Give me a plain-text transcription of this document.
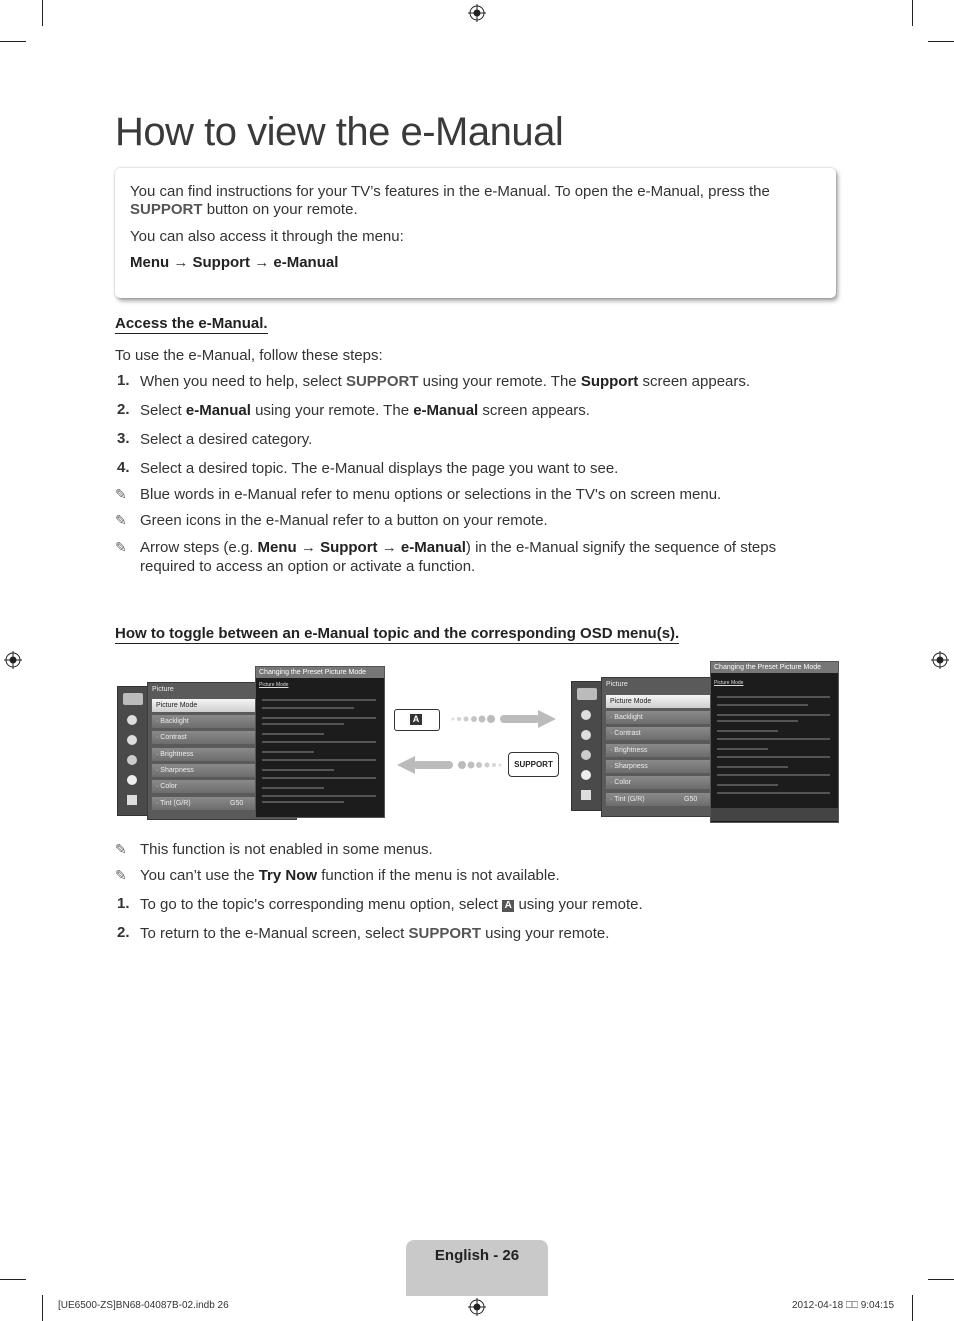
How to view the e-Manual

You can find instructions for your TV’s features in the e-Manual. To open the e-Manual, press the
SUPPORT button on your remote.

You can also access it through the menu:

Menu → Support → e-Manual

Access the e-Manual.
To use the e-Manual, follow these steps:
1. When you need to help, select SUPPORT using your remote. The Support screen appears.
2. Select e-Manual using your remote. The e-Manual screen appears.
3. Select a desired category.
4. Select a desired topic. The e-Manual displays the page you want to see.
✎ Blue words in e-Manual refer to menu options or selections in the TV's on screen menu.
✎ Green icons in the e-Manual refer to a button on your remote.
✎ Arrow steps (e.g. Menu → Support → e-Manual) in the e-Manual signify the sequence of steps
required to access an option or activate a function.
How to toggle between an e-Manual topic and the corresponding OSD menu(s).
Picture
Picture Mode
· Backlight
· Contrast
· Brightness
· Sharpness
· Color
· Tint (G/R)	G50
Changing the Preset Picture Mode
Picture Mode
A
SUPPORT
Picture
Picture Mode
· Backlight
· Contrast
· Brightness
· Sharpness
· Color
· Tint (G/R)	G50
Changing the Preset Picture Mode
Picture Mode
✎ This function is not enabled in some menus.
✎ You can’t use the Try Now function if the menu is not available.
1. To go to the topic's corresponding menu option, select A using your remote.
2. To return to the e-Manual screen, select SUPPORT using your remote.
English - 26
[UE6500-ZS]BN68-04087B-02.indb 26	2012-04-18 ⎕⎕ 9:04:15
